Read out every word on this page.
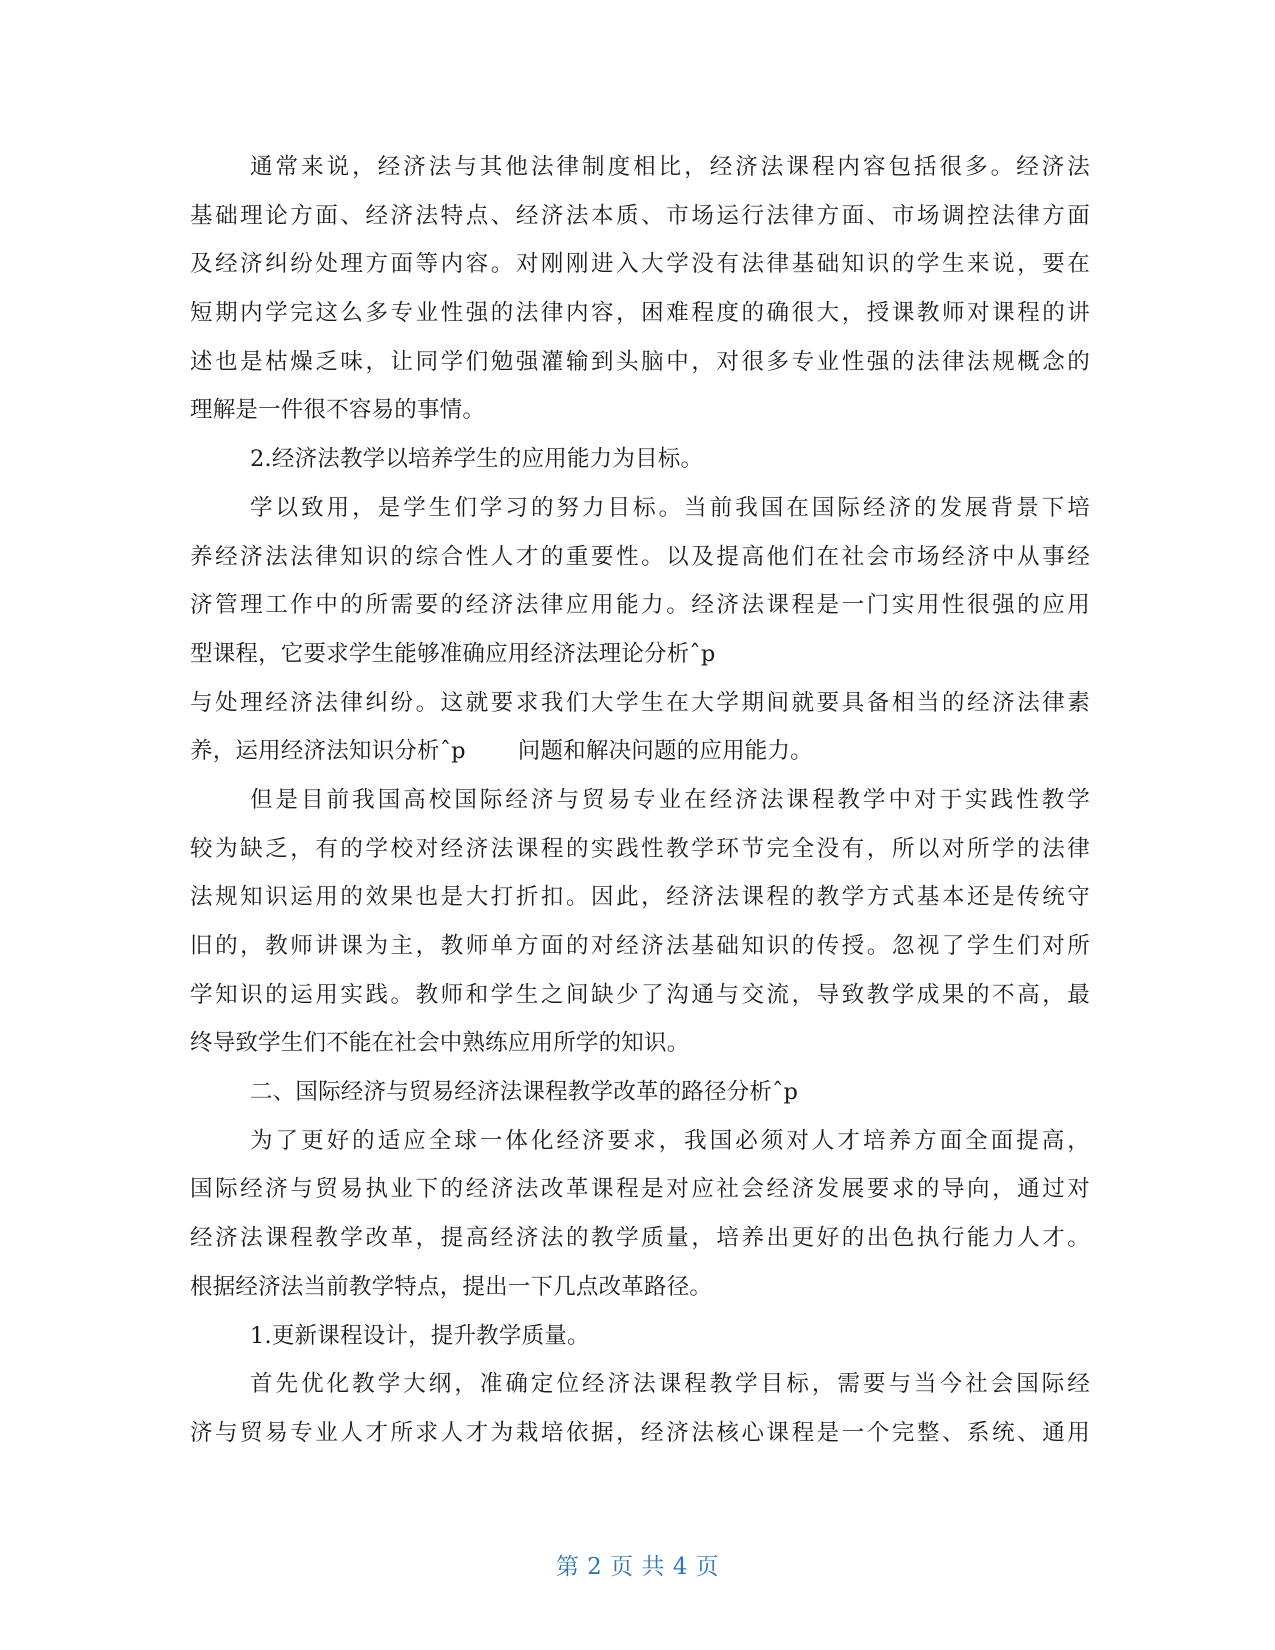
通常来说，经济法与其他法律制度相比，经济法课程内容包括很多。经济法
基础理论方面、经济法特点、经济法本质、市场运行法律方面、市场调控法律方面
及经济纠纷处理方面等内容。对刚刚进入大学没有法律基础知识的学生来说，要在
短期内学完这么多专业性强的法律内容，困难程度的确很大，授课教师对课程的讲
述也是枯燥乏味，让同学们勉强灌输到头脑中，对很多专业性强的法律法规概念的
理解是一件很不容易的事情。
2.经济法教学以培养学生的应用能力为目标。
学以致用，是学生们学习的努力目标。当前我国在国际经济的发展背景下培
养经济法法律知识的综合性人才的重要性。以及提高他们在社会市场经济中从事经
济管理工作中的所需要的经济法律应用能力。经济法课程是一门实用性很强的应用
型课程，它要求学生能够准确应用经济法理论分析ˆp
与处理经济法律纠纷。这就要求我们大学生在大学期间就要具备相当的经济法律素
养，运用经济法知识分析ˆp 问题和解决问题的应用能力。
但是目前我国高校国际经济与贸易专业在经济法课程教学中对于实践性教学
较为缺乏，有的学校对经济法课程的实践性教学环节完全没有，所以对所学的法律
法规知识运用的效果也是大打折扣。因此，经济法课程的教学方式基本还是传统守
旧的，教师讲课为主，教师单方面的对经济法基础知识的传授。忽视了学生们对所
学知识的运用实践。教师和学生之间缺少了沟通与交流，导致教学成果的不高，最
终导致学生们不能在社会中熟练应用所学的知识。
二、国际经济与贸易经济法课程教学改革的路径分析ˆp
为了更好的适应全球一体化经济要求，我国必须对人才培养方面全面提高，
国际经济与贸易执业下的经济法改革课程是对应社会经济发展要求的导向，通过对
经济法课程教学改革，提高经济法的教学质量，培养出更好的出色执行能力人才。
根据经济法当前教学特点，提出一下几点改革路径。
1.更新课程设计，提升教学质量。
首先优化教学大纲，准确定位经济法课程教学目标，需要与当今社会国际经
济与贸易专业人才所求人才为栽培依据，经济法核心课程是一个完整、系统、通用
第 2 页 共 4 页
